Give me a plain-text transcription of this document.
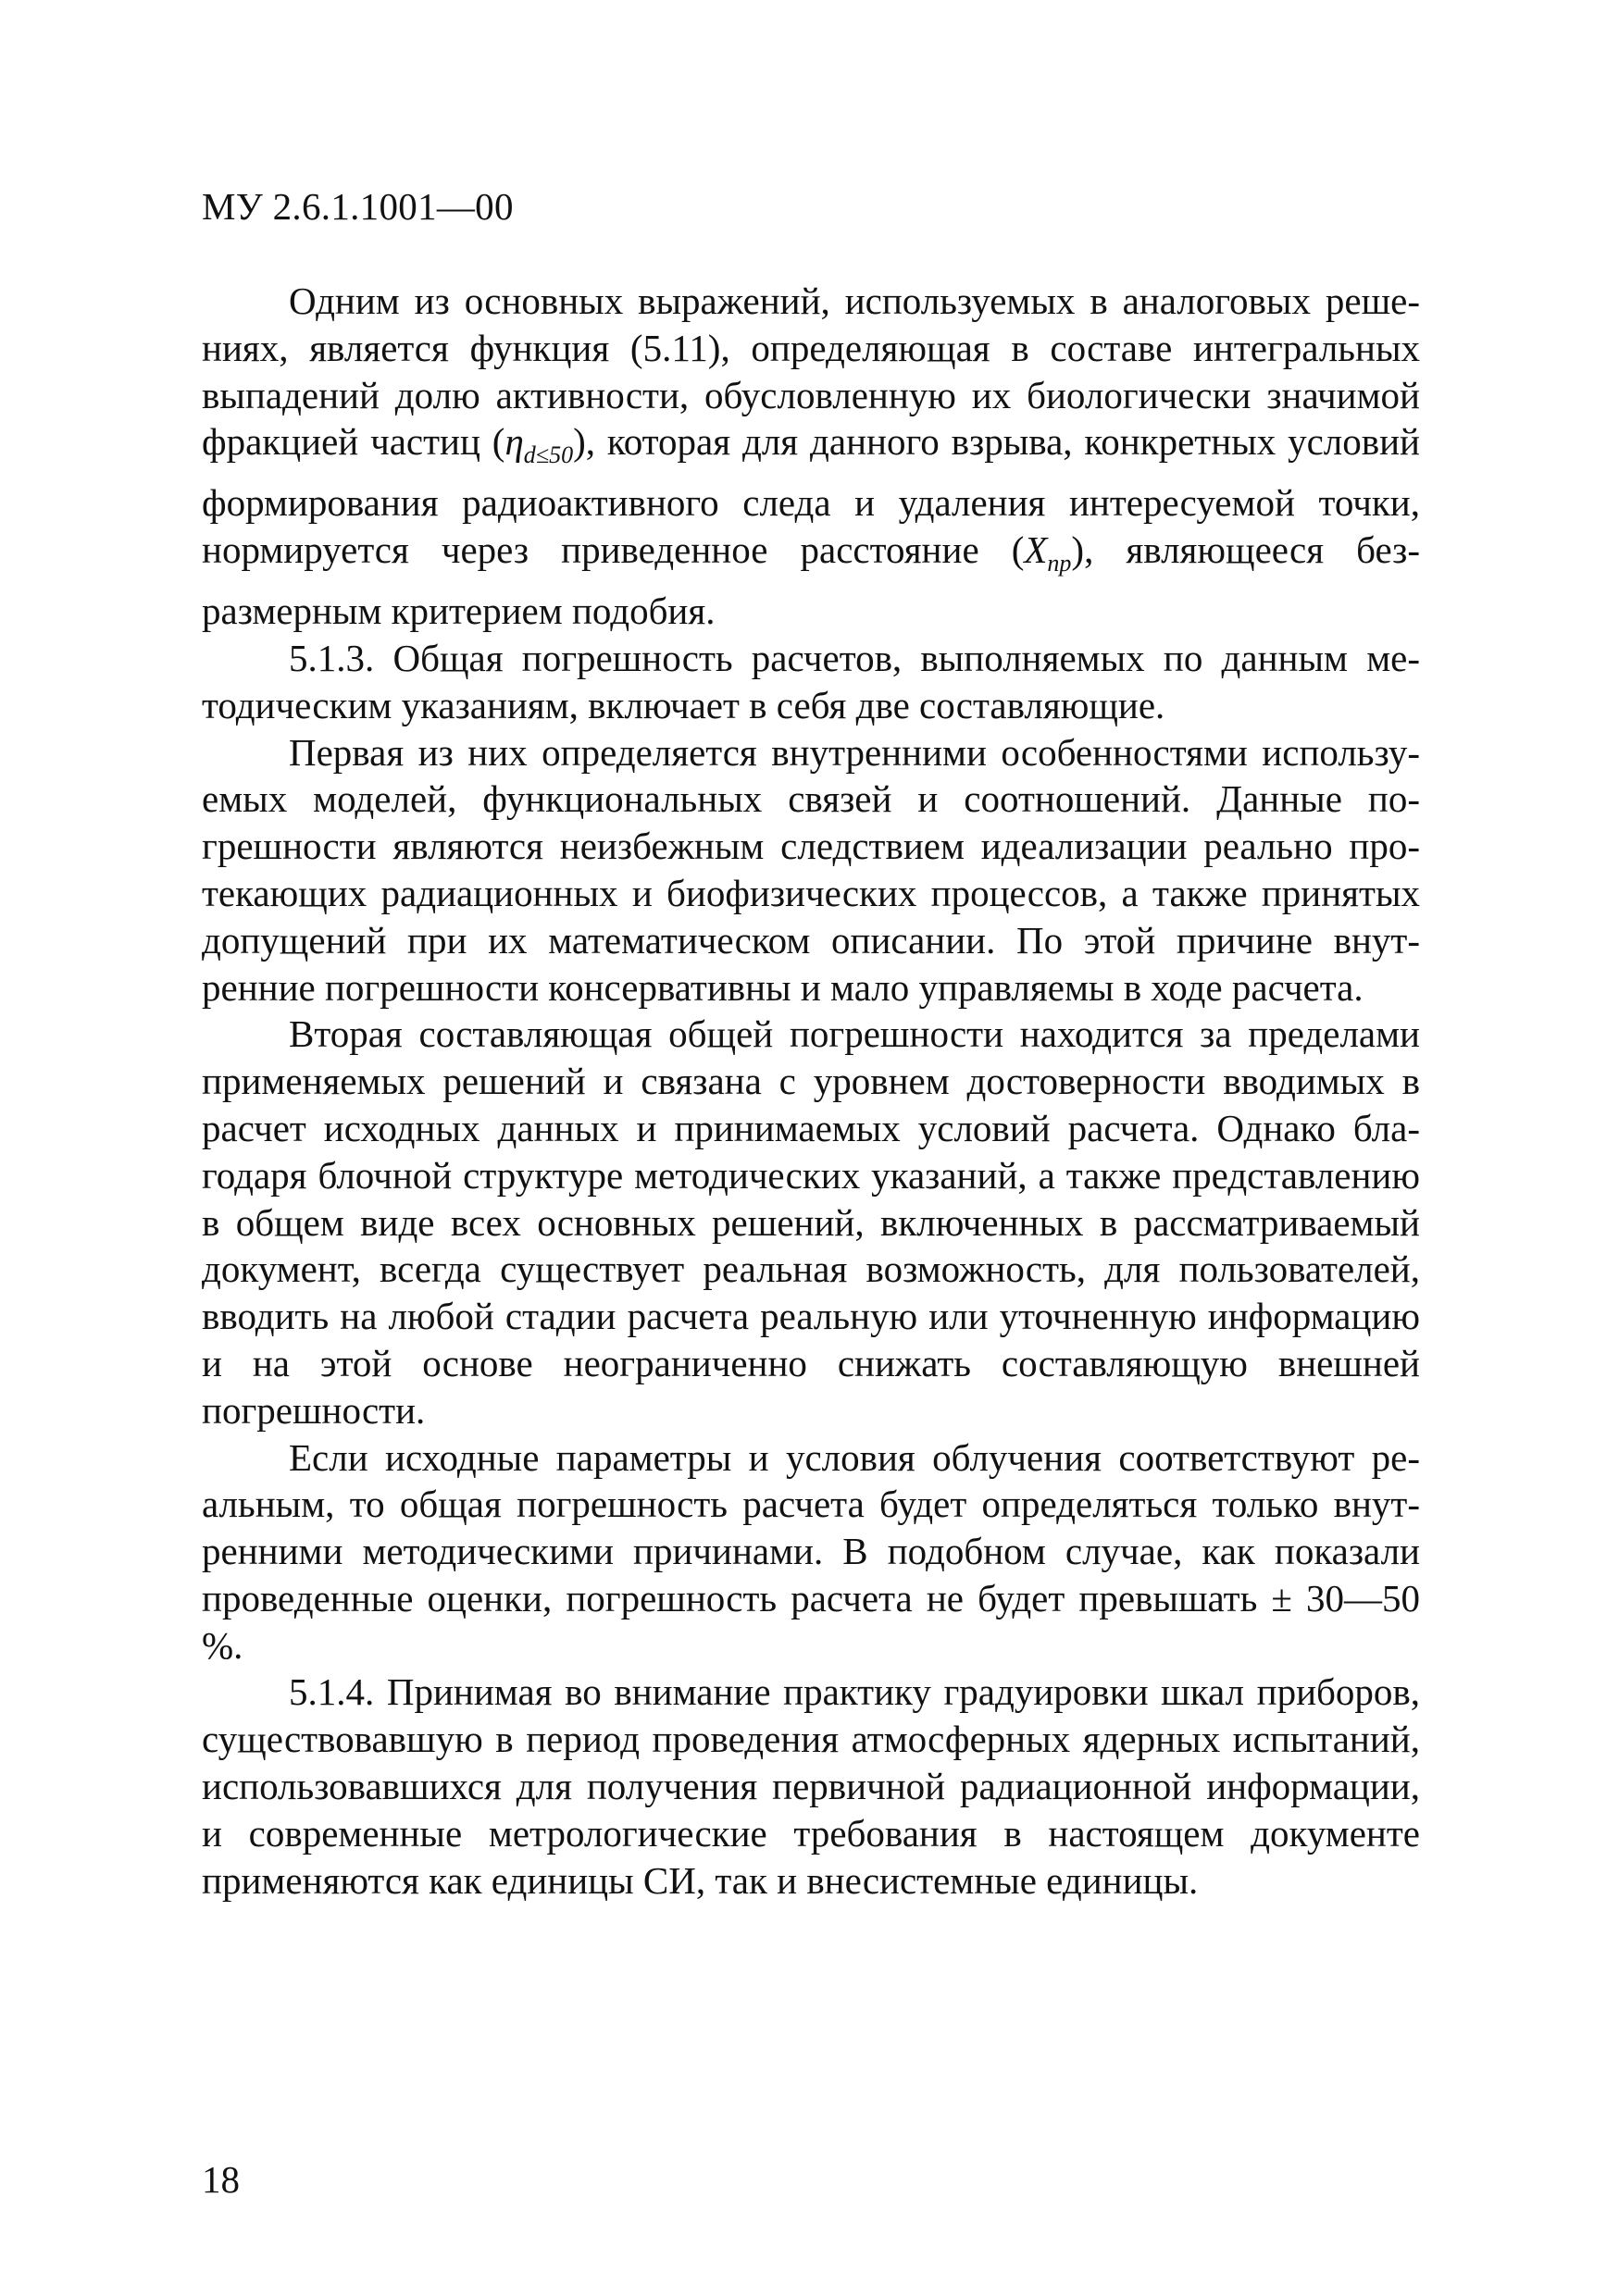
МУ 2.6.1.1001—00

Одним из основных выражений, используемых в аналоговых решениях, является функция (5.11), определяющая в составе интегральных выпадений долю активности, обусловленную их биологически значимой фракцией частиц $(\eta_{d\le 50})$, которая для данного взрыва, конкретных условий формирования радиоактивного следа и удаления интересуемой точки, нормируется через приведенное расстояние $(X_{пр})$, являющееся безразмерным критерием подобия.

5.1.3. Общая погрешность расчетов, выполняемых по данным методическим указаниям, включает в себя две составляющие.

Первая из них определяется внутренними особенностями используемых моделей, функциональных связей и соотношений. Данные погрешности являются неизбежным следствием идеализации реально протекающих радиационных и биофизических процессов, а также принятых допущений при их математическом описании. По этой причине внутренние погрешности консервативны и мало управляемы в ходе расчета.

Вторая составляющая общей погрешности находится за пределами применяемых решений и связана с уровнем достоверности вводимых в расчет исходных данных и принимаемых условий расчета. Однако благодаря блочной структуре методических указаний, а также представлению в общем виде всех основных решений, включенных в рассматриваемый документ, всегда существует реальная возможность, для пользователей, вводить на любой стадии расчета реальную или уточненную информацию и на этой основе неограниченно снижать составляющую внешней погрешности.

Если исходные параметры и условия облучения соответствуют реальным, то общая погрешность расчета будет определяться только внутренними методическими причинами. В подобном случае, как показали проведенные оценки, погрешность расчета не будет превышать ± 30—50 %.

5.1.4. Принимая во внимание практику градуировки шкал приборов, существовавшую в период проведения атмосферных ядерных испытаний, использовавшихся для получения первичной радиационной информации, и современные метрологические требования в настоящем документе применяются как единицы СИ, так и внесистемные единицы.

18
